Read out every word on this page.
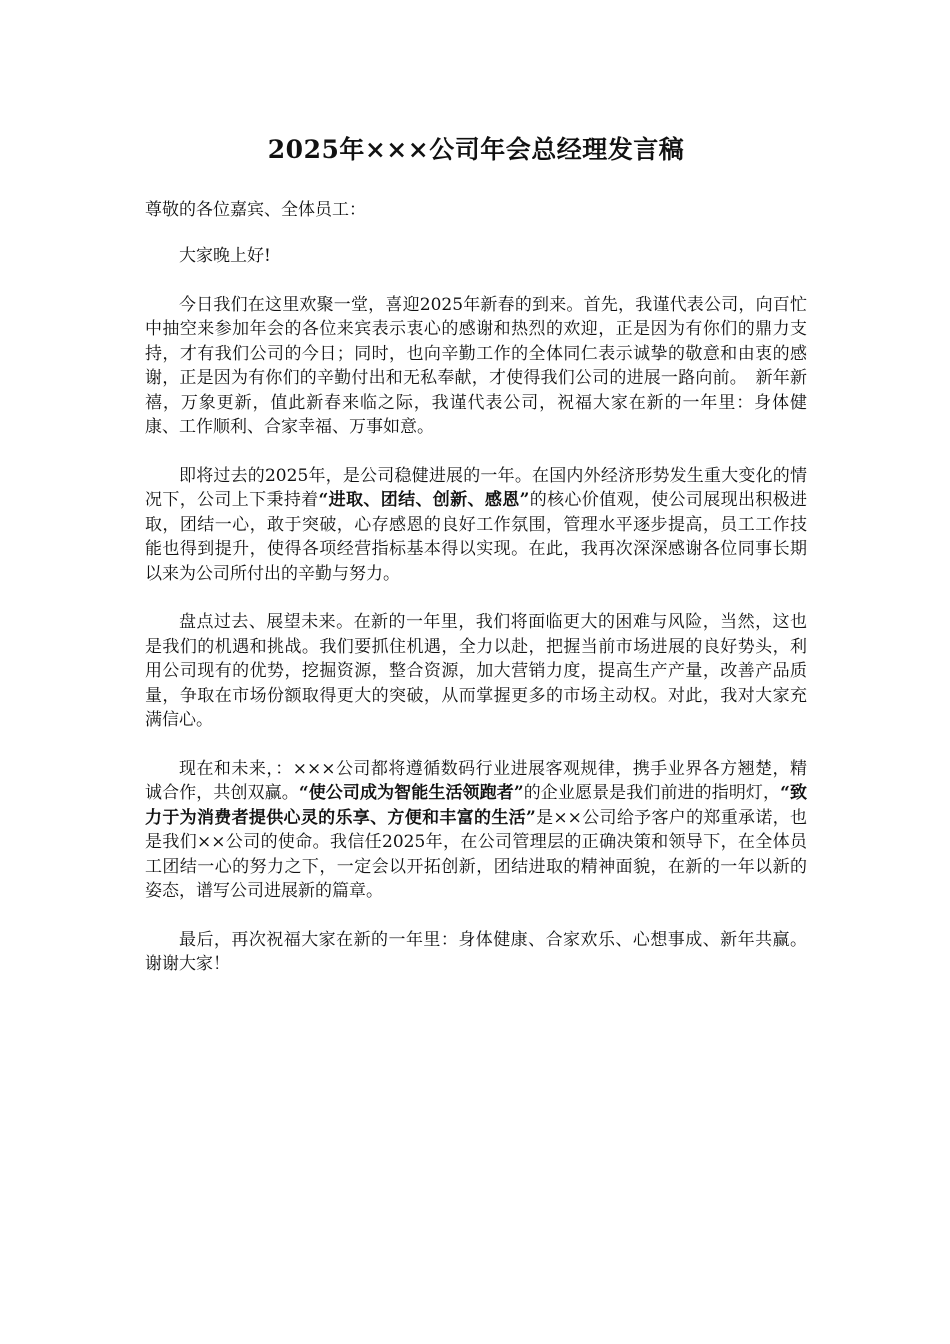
2025年×××公司年会总经理发言稿

尊敬的各位嘉宾、全体员工：

大家晚上好!

今日我们在这里欢聚一堂，喜迎2025年新春的到来。首先，我谨代表公司，向百忙中抽空来参加年会的各位来宾表示衷心的感谢和热烈的欢迎，正是因为有你们的鼎力支持，才有我们公司的今日；同时，也向辛勤工作的全体同仁表示诚挚的敬意和由衷的感谢，正是因为有你们的辛勤付出和无私奉献，才使得我们公司的进展一路向前。　新年新禧，万象更新，值此新春来临之际，我谨代表公司，祝福大家在新的一年里：身体健康、工作顺利、合家幸福、万事如意。

即将过去的2025年，是公司稳健进展的一年。在国内外经济形势发生重大变化的情况下，公司上下秉持着“进取、团结、创新、感恩”的核心价值观，使公司展现出积极进取，团结一心，敢于突破，心存感恩的良好工作氛围，管理水平逐步提高，员工工作技能也得到提升，使得各项经营指标基本得以实现。在此，我再次深深感谢各位同事长期以来为公司所付出的辛勤与努力。

盘点过去、展望未来。在新的一年里，我们将面临更大的困难与风险，当然，这也是我们的机遇和挑战。我们要抓住机遇，全力以赴，把握当前市场进展的良好势头，利用公司现有的优势，挖掘资源，整合资源，加大营销力度，提高生产产量，改善产品质量，争取在市场份额取得更大的突破，从而掌握更多的市场主动权。对此，我对大家充满信心。

现在和未来，：×××公司都将遵循数码行业进展客观规律，携手业界各方翘楚，精诚合作，共创双赢。“使公司成为智能生活领跑者”的企业愿景是我们前进的指明灯，“致力于为消费者提供心灵的乐享、方便和丰富的生活”是××公司给予客户的郑重承诺，也是我们××公司的使命。我信任2025年，在公司管理层的正确决策和领导下，在全体员工团结一心的努力之下，一定会以开拓创新，团结进取的精神面貌，在新的一年以新的姿态，谱写公司进展新的篇章。

最后，再次祝福大家在新的一年里：身体健康、合家欢乐、心想事成、新年共赢。谢谢大家！
